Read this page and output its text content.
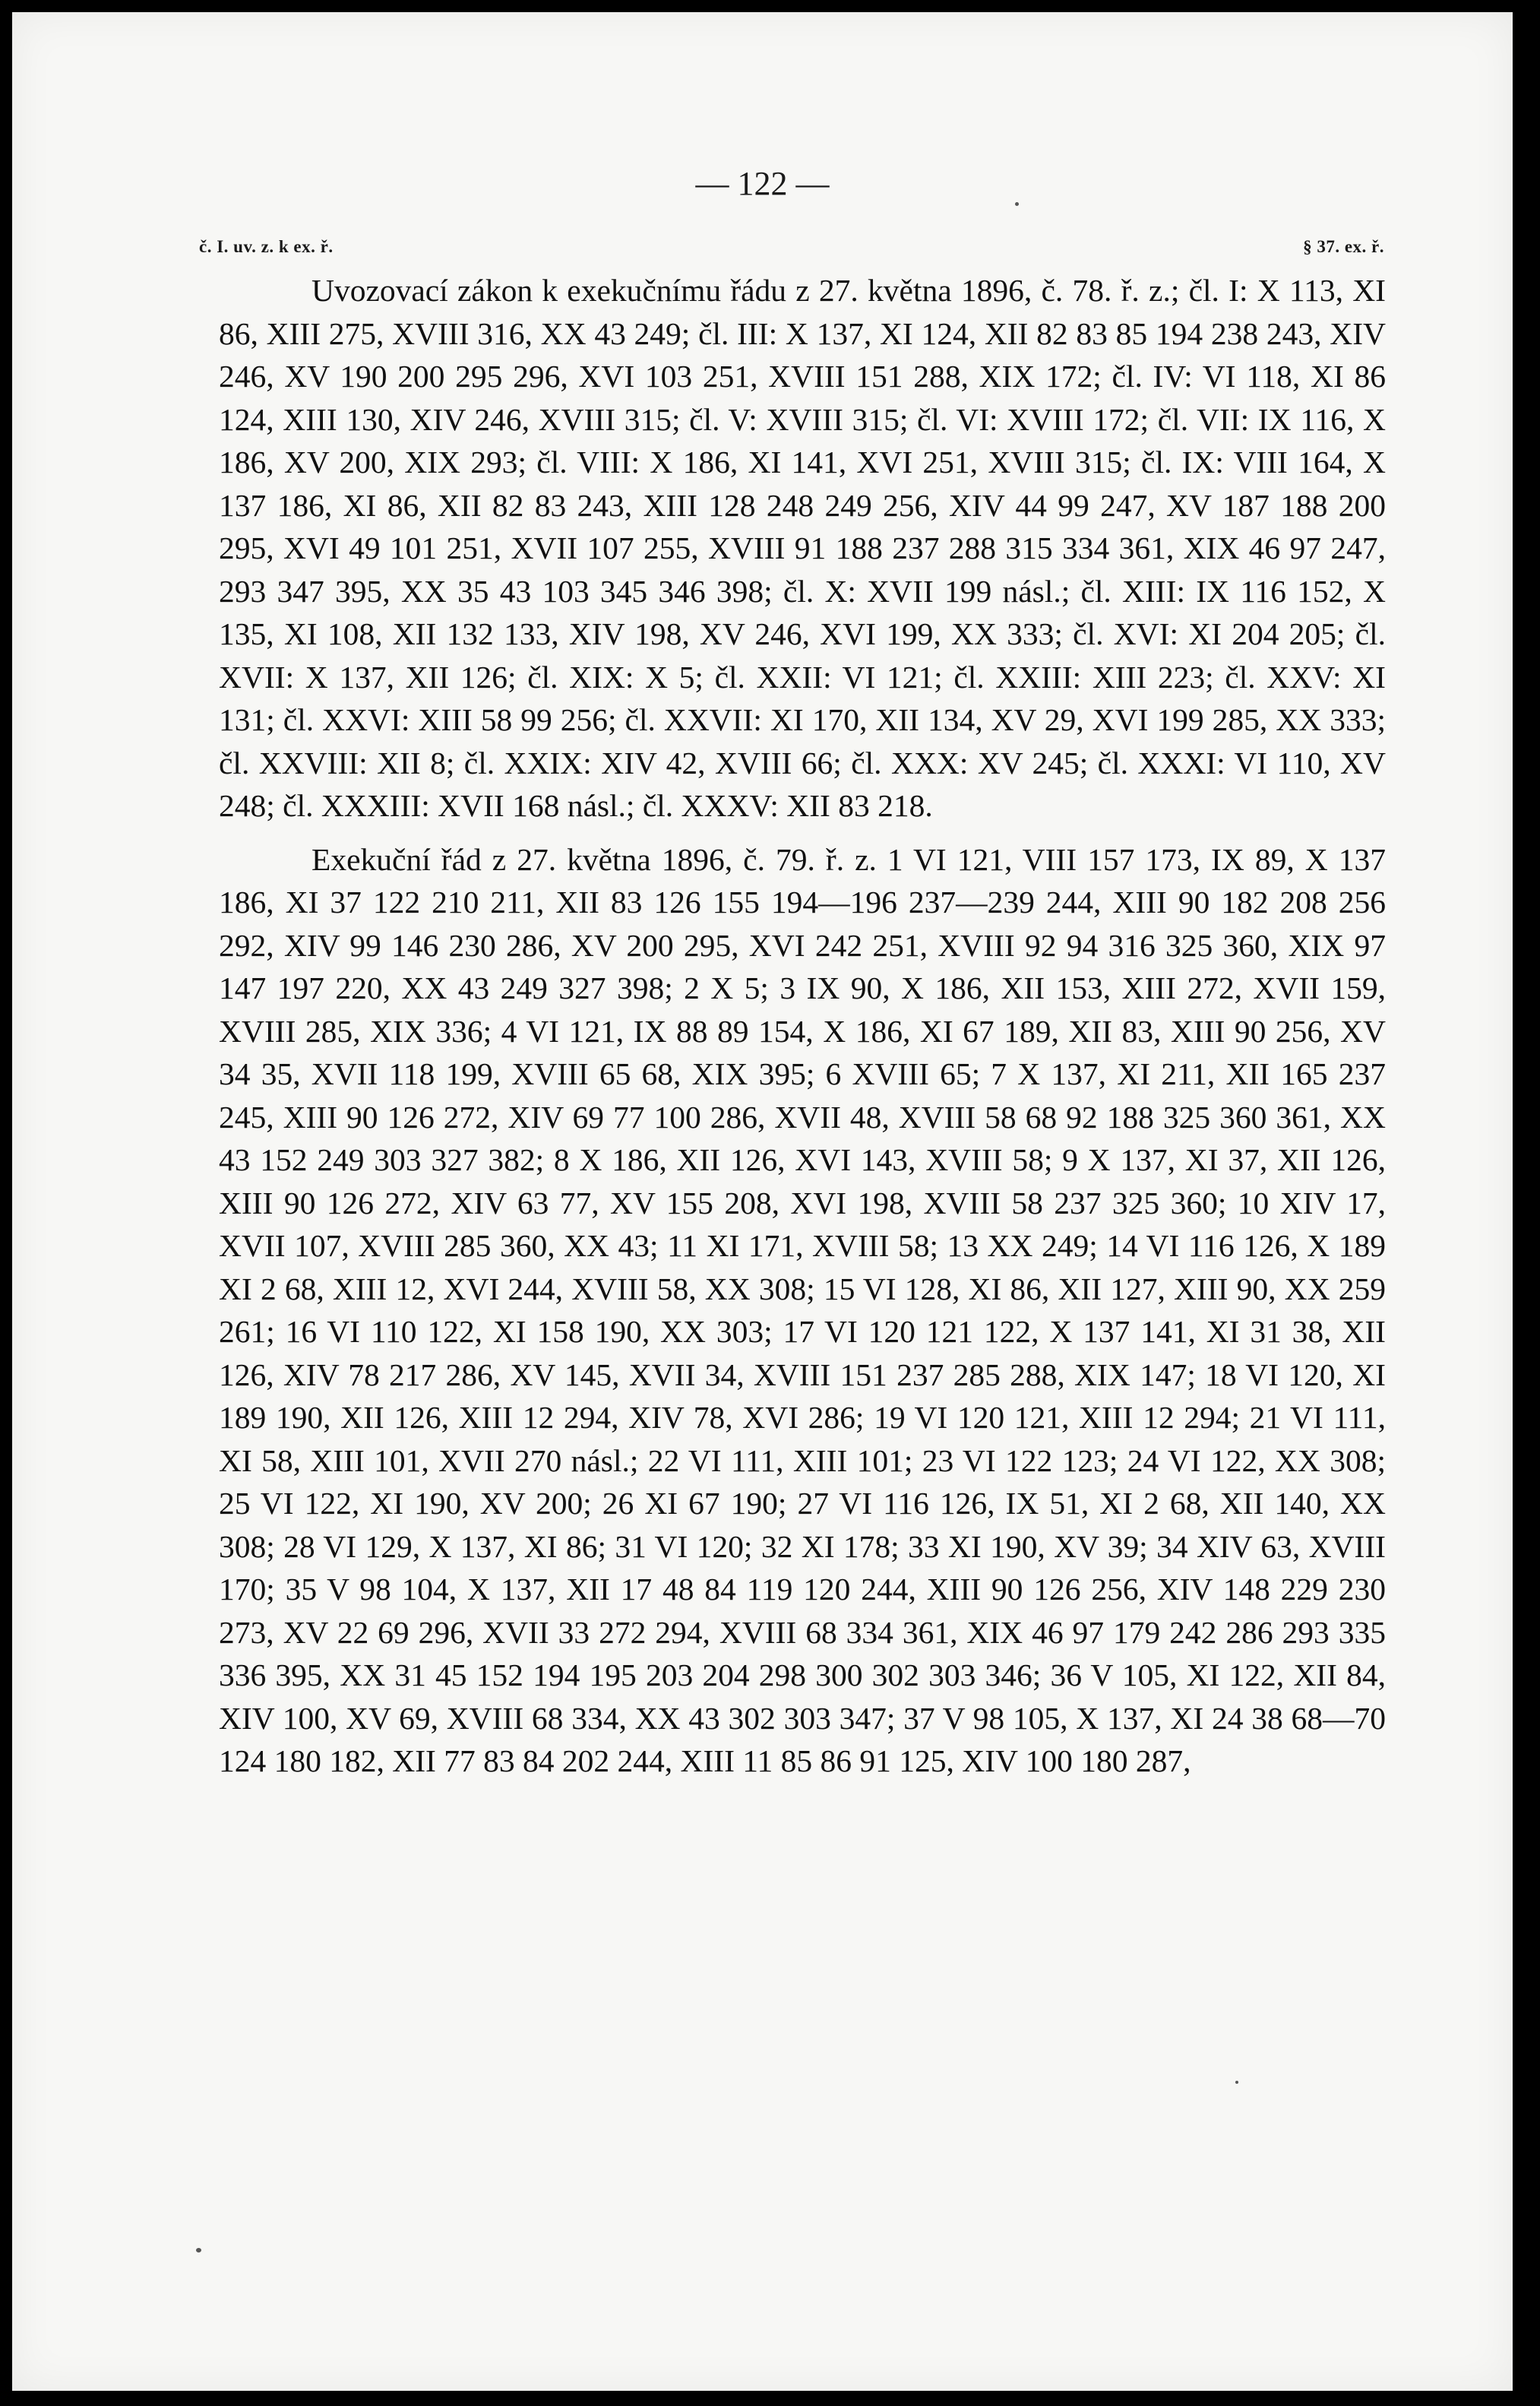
— 122 —
č. I. uv. z. k ex. ř.	§ 37. ex. ř.

Uvozovací zákon k exekučnímu řádu z 27. května 1896, č. 78. ř. z.; čl. I: X 113, XI 86, XIII 275, XVIII 316, XX 43 249; čl. III: X 137, XI 124, XII 82 83 85 194 238 243, XIV 246, XV 190 200 295 296, XVI 103 251, XVIII 151 288, XIX 172; čl. IV: VI 118, XI 86 124, XIII 130, XIV 246, XVIII 315; čl. V: XVIII 315; čl. VI: XVIII 172; čl. VII: IX 116, X 186, XV 200, XIX 293; čl. VIII: X 186, XI 141, XVI 251, XVIII 315; čl. IX: VIII 164, X 137 186, XI 86, XII 82 83 243, XIII 128 248 249 256, XIV 44 99 247, XV 187 188 200 295, XVI 49 101 251, XVII 107 255, XVIII 91 188 237 288 315 334 361, XIX 46 97 247, 293 347 395, XX 35 43 103 345 346 398; čl. X: XVII 199 násl.; čl. XIII: IX 116 152, X 135, XI 108, XII 132 133, XIV 198, XV 246, XVI 199, XX 333; čl. XVI: XI 204 205; čl. XVII: X 137, XII 126; čl. XIX: X 5; čl. XXII: VI 121; čl. XXIII: XIII 223; čl. XXV: XI 131; čl. XXVI: XIII 58 99 256; čl. XXVII: XI 170, XII 134, XV 29, XVI 199 285, XX 333; čl. XXVIII: XII 8; čl. XXIX: XIV 42, XVIII 66; čl. XXX: XV 245; čl. XXXI: VI 110, XV 248; čl. XXXIII: XVII 168 násl.; čl. XXXV: XII 83 218.

Exekuční řád z 27. května 1896, č. 79. ř. z. 1 VI 121, VIII 157 173, IX 89, X 137 186, XI 37 122 210 211, XII 83 126 155 194—196 237—239 244, XIII 90 182 208 256 292, XIV 99 146 230 286, XV 200 295, XVI 242 251, XVIII 92 94 316 325 360, XIX 97 147 197 220, XX 43 249 327 398; 2 X 5; 3 IX 90, X 186, XII 153, XIII 272, XVII 159, XVIII 285, XIX 336; 4 VI 121, IX 88 89 154, X 186, XI 67 189, XII 83, XIII 90 256, XV 34 35, XVII 118 199, XVIII 65 68, XIX 395; 6 XVIII 65; 7 X 137, XI 211, XII 165 237 245, XIII 90 126 272, XIV 69 77 100 286, XVII 48, XVIII 58 68 92 188 325 360 361, XX 43 152 249 303 327 382; 8 X 186, XII 126, XVI 143, XVIII 58; 9 X 137, XI 37, XII 126, XIII 90 126 272, XIV 63 77, XV 155 208, XVI 198, XVIII 58 237 325 360; 10 XIV 17, XVII 107, XVIII 285 360, XX 43; 11 XI 171, XVIII 58; 13 XX 249; 14 VI 116 126, X 189 XI 2 68, XIII 12, XVI 244, XVIII 58, XX 308; 15 VI 128, XI 86, XII 127, XIII 90, XX 259 261; 16 VI 110 122, XI 158 190, XX 303; 17 VI 120 121 122, X 137 141, XI 31 38, XII 126, XIV 78 217 286, XV 145, XVII 34, XVIII 151 237 285 288, XIX 147; 18 VI 120, XI 189 190, XII 126, XIII 12 294, XIV 78, XVI 286; 19 VI 120 121, XIII 12 294; 21 VI 111, XI 58, XIII 101, XVII 270 násl.; 22 VI 111, XIII 101; 23 VI 122 123; 24 VI 122, XX 308; 25 VI 122, XI 190, XV 200; 26 XI 67 190; 27 VI 116 126, IX 51, XI 2 68, XII 140, XX 308; 28 VI 129, X 137, XI 86; 31 VI 120; 32 XI 178; 33 XI 190, XV 39; 34 XIV 63, XVIII 170; 35 V 98 104, X 137, XII 17 48 84 119 120 244, XIII 90 126 256, XIV 148 229 230 273, XV 22 69 296, XVII 33 272 294, XVIII 68 334 361, XIX 46 97 179 242 286 293 335 336 395, XX 31 45 152 194 195 203 204 298 300 302 303 346; 36 V 105, XI 122, XII 84, XIV 100, XV 69, XVIII 68 334, XX 43 302 303 347; 37 V 98 105, X 137, XI 24 38 68—70 124 180 182, XII 77 83 84 202 244, XIII 11 85 86 91 125, XIV 100 180 287,
